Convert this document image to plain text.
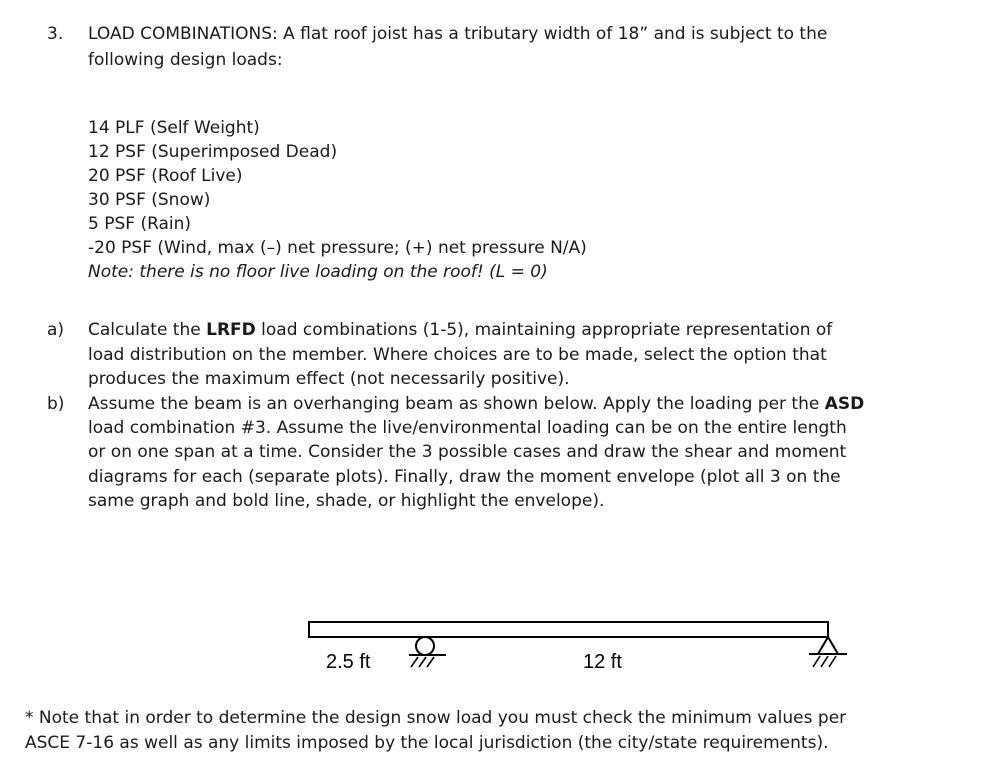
3. LOAD COMBINATIONS: A flat roof joist has a tributary width of 18” and is subject to the
following design loads:
14 PLF (Self Weight)
12 PSF (Superimposed Dead)
20 PSF (Roof Live)
30 PSF (Snow)
5 PSF (Rain)
-20 PSF (Wind, max (–) net pressure; (+) net pressure N/A)
Note: there is no floor live loading on the roof! (L = 0)
a) Calculate the LRFD load combinations (1-5), maintaining appropriate representation of
load distribution on the member. Where choices are to be made, select the option that
produces the maximum effect (not necessarily positive).
b) Assume the beam is an overhanging beam as shown below. Apply the loading per the ASD
load combination #3. Assume the live/environmental loading can be on the entire length
or on one span at a time. Consider the 3 possible cases and draw the shear and moment
diagrams for each (separate plots). Finally, draw the moment envelope (plot all 3 on the
same graph and bold line, shade, or highlight the envelope).
2.5 ft	12 ft
* Note that in order to determine the design snow load you must check the minimum values per
ASCE 7-16 as well as any limits imposed by the local jurisdiction (the city/state requirements).
